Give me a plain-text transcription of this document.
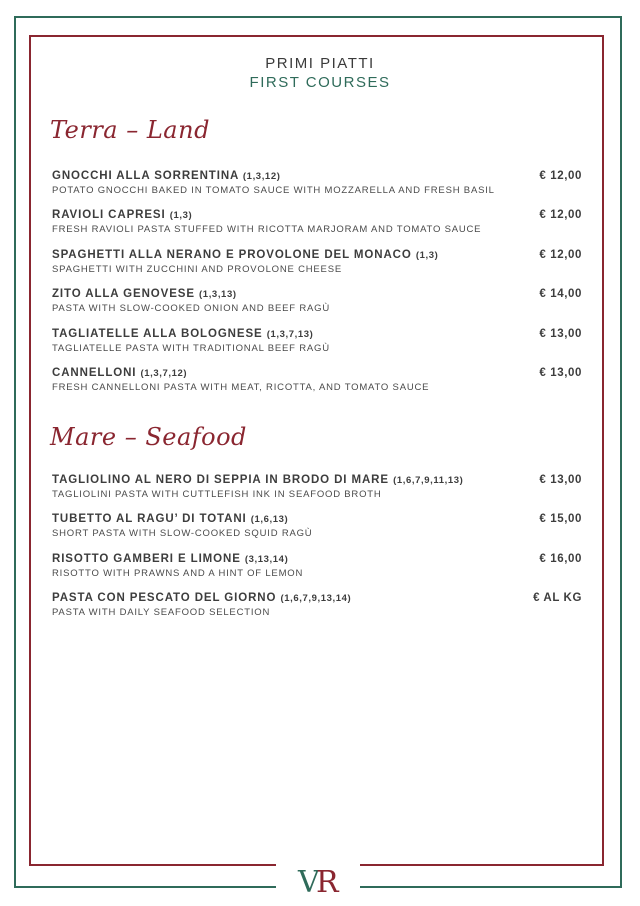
PRIMI PIATTI
FIRST COURSES
Terra – Land
GNOCCHI ALLA SORRENTINA (1,3,12)
POTATO GNOCCHI BAKED IN TOMATO SAUCE WITH MOZZARELLA AND FRESH BASIL
€ 12,00
RAVIOLI CAPRESI (1,3)
FRESH RAVIOLI PASTA STUFFED WITH RICOTTA MARJORAM AND TOMATO SAUCE
€ 12,00
SPAGHETTI ALLA NERANO E PROVOLONE DEL MONACO (1,3)
SPAGHETTI WITH ZUCCHINI AND PROVOLONE CHEESE
€ 12,00
ZITO ALLA GENOVESE (1,3,13)
PASTA WITH SLOW-COOKED ONION AND BEEF RAGÙ
€ 14,00
TAGLIATELLE ALLA BOLOGNESE (1,3,7,13)
TAGLIATELLE PASTA WITH TRADITIONAL BEEF RAGÙ
€ 13,00
CANNELLONI (1,3,7,12)
FRESH CANNELLONI PASTA WITH MEAT, RICOTTA, AND TOMATO SAUCE
€ 13,00
Mare – Seafood
TAGLIOLINO AL NERO DI SEPPIA IN BRODO DI MARE (1,6,7,9,11,13)
TAGLIOLINI PASTA WITH CUTTLEFISH INK IN SEAFOOD BROTH
€ 13,00
TUBETTO AL RAGU’ DI TOTANI (1,6,13)
SHORT PASTA WITH SLOW-COOKED SQUID RAGÙ
€ 15,00
RISOTTO GAMBERI E LIMONE (3,13,14)
RISOTTO WITH PRAWNS AND A HINT OF LEMON
€ 16,00
PASTA CON PESCATO DEL GIORNO (1,6,7,9,13,14)
PASTA WITH DAILY SEAFOOD SELECTION
€ AL KG
V
R
